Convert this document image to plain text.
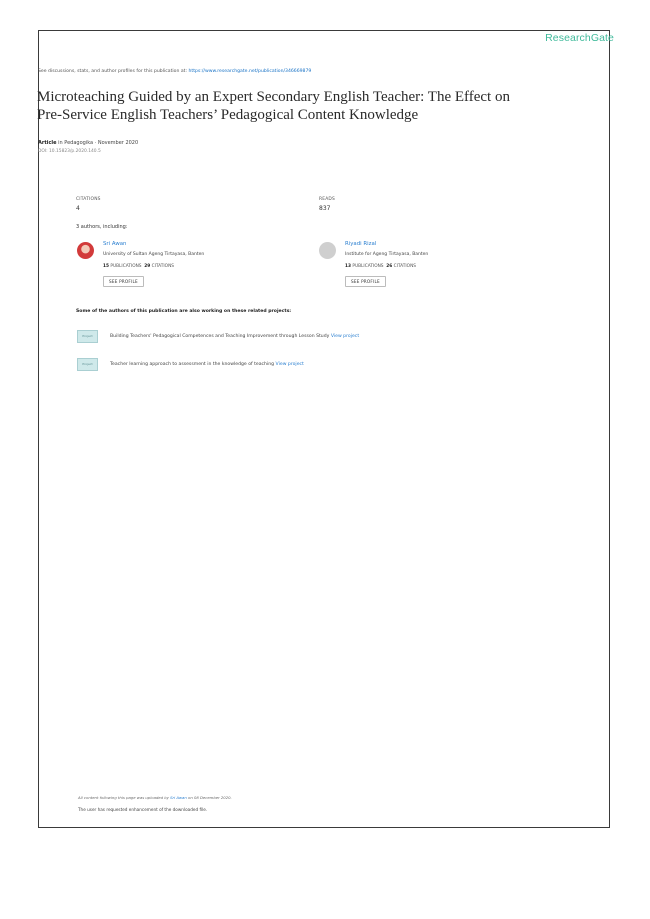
ResearchGate
See discussions, stats, and author profiles for this publication at: https://www.researchgate.net/publication/346669879
Microteaching Guided by an Expert Secondary English Teacher: The Effect on
Pre-Service English Teachers’ Pedagogical Content Knowledge
Article in Pedagogika · November 2020
DOI: 10.15823/p.2020.140.5
CITATIONS
4
READS
837
3 authors, including:
Sri Awan
University of Sultan Ageng Tirtayasa, Banten
15 PUBLICATIONS 29 CITATIONS
SEE PROFILE
Riyadi Rizal
Institute for Ageng Tirtayasa, Banten
13 PUBLICATIONS 26 CITATIONS
SEE PROFILE
Some of the authors of this publication are also working on these related projects:
Project	Building Teachers' Pedagogical Competences and Teaching Improvement through Lesson Study View project
Project	Teacher learning approach to assessment in the knowledge of teaching View project
All content following this page was uploaded by Sri Awan on 08 December 2020.
The user has requested enhancement of the downloaded file.
